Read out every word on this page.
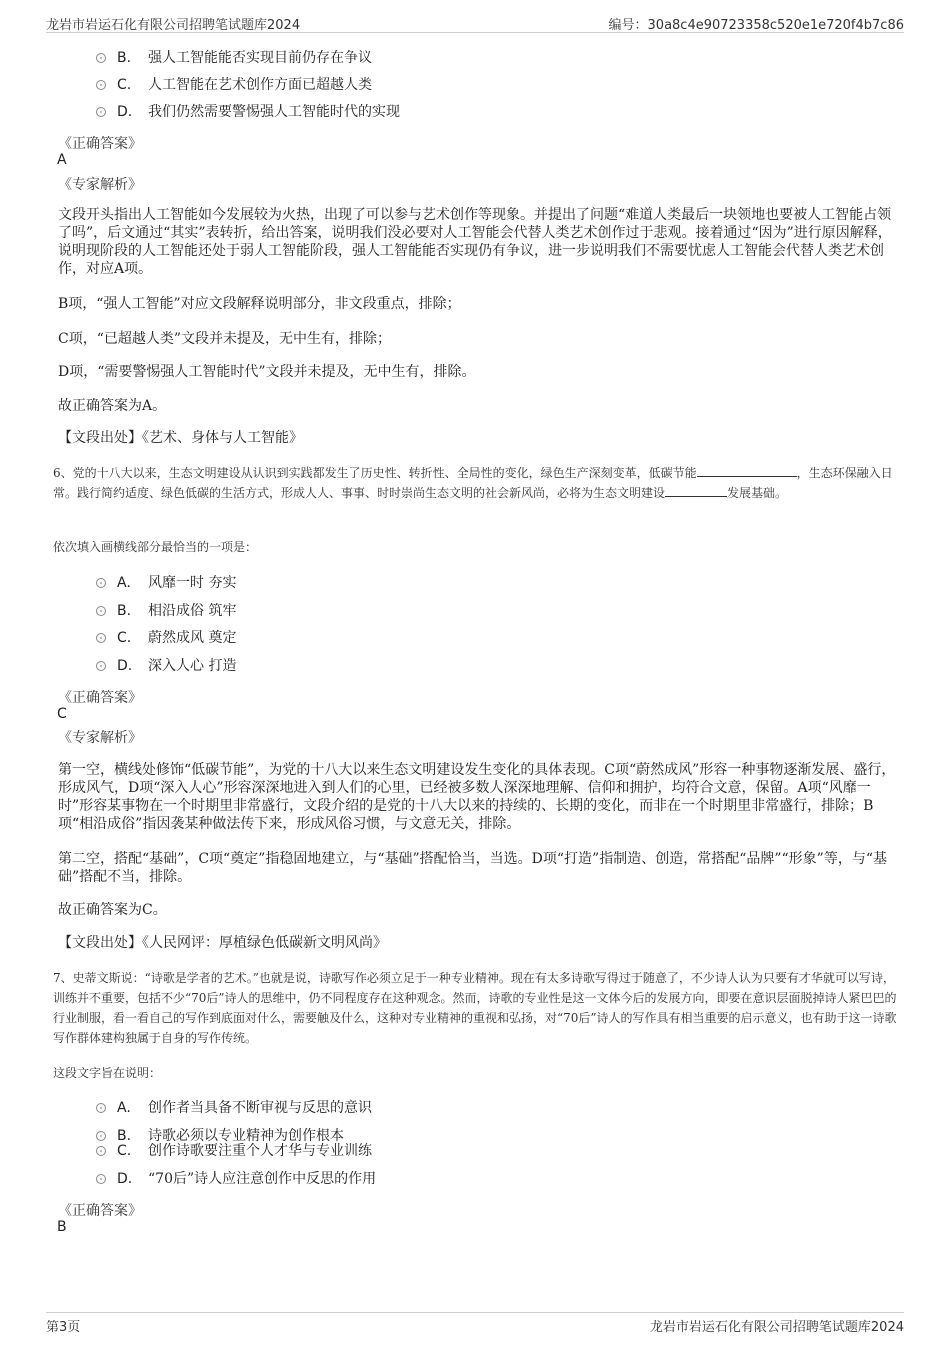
龙岩市岩运石化有限公司招聘笔试题库2024	编号：30a8c4e90723358c520e1e720f4b7c86
B. 强人工智能能否实现目前仍存在争议
C. 人工智能在艺术创作方面已超越人类
D. 我们仍然需要警惕强人工智能时代的实现
《正确答案》
A
《专家解析》
文段开头指出人工智能如今发展较为火热，出现了可以参与艺术创作等现象。并提出了问题“难道人类最后一块领地也要被人工智能占领了吗”，后文通过“其实”表转折，给出答案，说明我们没必要对人工智能会代替人类艺术创作过于悲观。接着通过“因为”进行原因解释，说明现阶段的人工智能还处于弱人工智能阶段，强人工智能能否实现仍有争议，进一步说明我们不需要忧虑人工智能会代替人类艺术创作，对应A项。
B项，“强人工智能”对应文段解释说明部分，非文段重点，排除；
C项，“已超越人类”文段并未提及，无中生有，排除；
D项，“需要警惕强人工智能时代”文段并未提及，无中生有，排除。
故正确答案为A。
【文段出处】《艺术、身体与人工智能》
6、党的十八大以来，生态文明建设从认识到实践都发生了历史性、转折性、全局性的变化，绿色生产深刻变革，低碳节能	，生态环保融入日常。践行简约适度、绿色低碳的生活方式，形成人人、事事、时时崇尚生态文明的社会新风尚，必将为生态文明建设	发展基础。
依次填入画横线部分最恰当的一项是：
A. 风靡一时 夯实
B. 相沿成俗 筑牢
C. 蔚然成风 奠定
D. 深入人心 打造
《正确答案》
C
《专家解析》
第一空，横线处修饰“低碳节能”，为党的十八大以来生态文明建设发生变化的具体表现。C项“蔚然成风”形容一种事物逐渐发展、盛行，形成风气，D项“深入人心”形容深深地进入到人们的心里，已经被多数人深深地理解、信仰和拥护，均符合文意，保留。A项“风靡一时”形容某事物在一个时期里非常盛行，文段介绍的是党的十八大以来的持续的、长期的变化，而非在一个时期里非常盛行，排除；B项“相沿成俗”指因袭某种做法传下来，形成风俗习惯，与文意无关，排除。
第二空，搭配“基础”，C项“奠定”指稳固地建立，与“基础”搭配恰当，当选。D项“打造”指制造、创造，常搭配“品牌”“形象”等，与“基础”搭配不当，排除。
故正确答案为C。
【文段出处】《人民网评：厚植绿色低碳新文明风尚》
7、史蒂文斯说：“诗歌是学者的艺术。”也就是说，诗歌写作必须立足于一种专业精神。现在有太多诗歌写得过于随意了，不少诗人认为只要有才华就可以写诗，训练并不重要，包括不少“70后”诗人的思维中，仍不同程度存在这种观念。然而，诗歌的专业性是这一文体今后的发展方向，即要在意识层面脱掉诗人紧巴巴的行业制服，看一看自己的写作到底面对什么，需要触及什么，这种对专业精神的重视和弘扬，对“70后”诗人的写作具有相当重要的启示意义，也有助于这一诗歌写作群体建构独属于自身的写作传统。
这段文字旨在说明：
A. 创作者当具备不断审视与反思的意识
B. 诗歌必须以专业精神为创作根本
C. 创作诗歌要注重个人才华与专业训练
D. “70后”诗人应注意创作中反思的作用
《正确答案》
B
第3页	龙岩市岩运石化有限公司招聘笔试题库2024
